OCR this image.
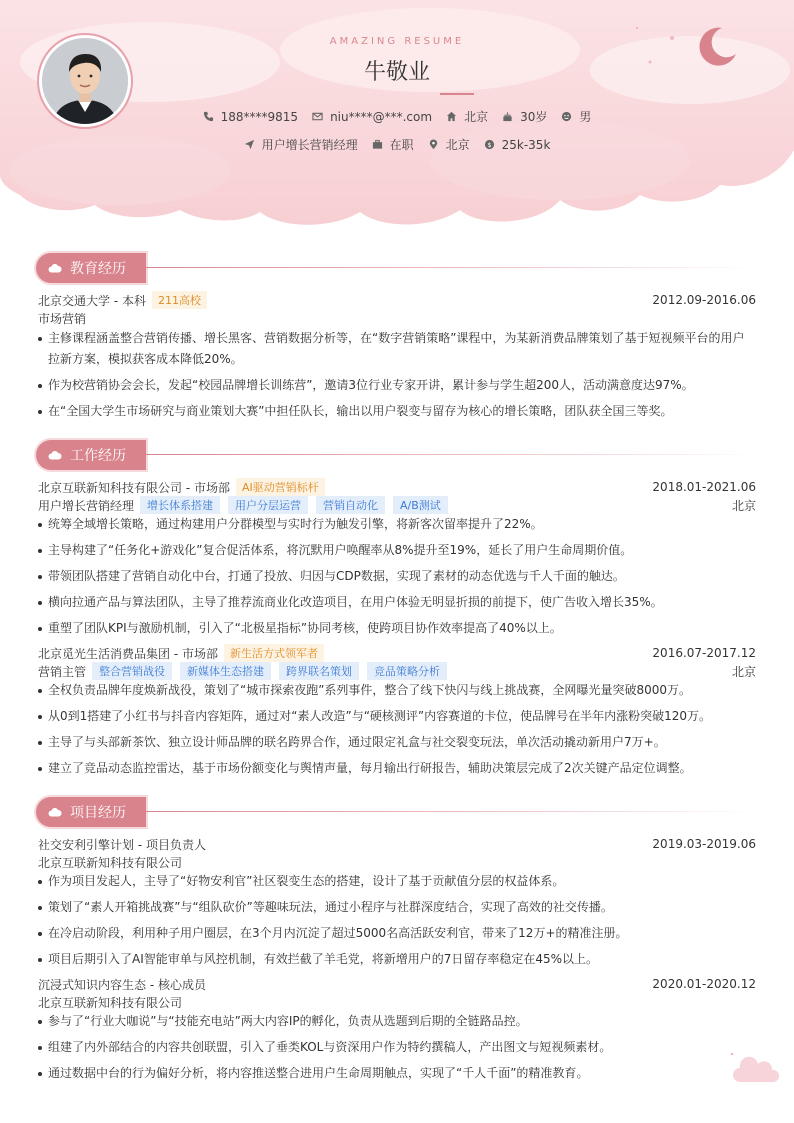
AMAZING RESUME
牛敬业
188****9815	niu****@***.com	北京	30岁	男
用户增长营销经理	在职	北京 $ 25k-35k
教育经历
北京交通大学 - 本科	211高校	2012.09-2016.06
市场营销
主修课程涵盖整合营销传播、增长黑客、营销数据分析等，在“数字营销策略”课程中，为某新消费品牌策划了基于短视频平台的用户拉新方案，模拟获客成本降低20%。
作为校营销协会会长，发起“校园品牌增长训练营”，邀请3位行业专家开讲，累计参与学生超200人，活动满意度达97%。
在“全国大学生市场研究与商业策划大赛”中担任队长，输出以用户裂变与留存为核心的增长策略，团队获全国三等奖。
工作经历
北京互联新知科技有限公司 - 市场部	AI驱动营销标杆	2018.01-2021.06
用户增长营销经理	增长体系搭建	用户分层运营	营销自动化	A/B测试	北京
统筹全域增长策略，通过构建用户分群模型与实时行为触发引擎，将新客次留率提升了22%。
主导构建了“任务化+游戏化”复合促活体系，将沉默用户唤醒率从8%提升至19%，延长了用户生命周期价值。
带领团队搭建了营销自动化中台，打通了投放、归因与CDP数据，实现了素材的动态优选与千人千面的触达。
横向拉通产品与算法团队，主导了推荐流商业化改造项目，在用户体验无明显折损的前提下，使广告收入增长35%。
重塑了团队KPI与激励机制，引入了“北极星指标”协同考核，使跨项目协作效率提高了40%以上。
北京觅光生活消费品集团 - 市场部	新生活方式领军者	2016.07-2017.12
营销主管	整合营销战役	新媒体生态搭建	跨界联名策划	竞品策略分析	北京
全权负责品牌年度焕新战役，策划了“城市探索夜跑”系列事件，整合了线下快闪与线上挑战赛，全网曝光量突破8000万。
从0到1搭建了小红书与抖音内容矩阵，通过对“素人改造”与“硬核测评”内容赛道的卡位，使品牌号在半年内涨粉突破120万。
主导了与头部新茶饮、独立设计师品牌的联名跨界合作，通过限定礼盒与社交裂变玩法，单次活动撬动新用户7万+。
建立了竞品动态监控雷达，基于市场份额变化与舆情声量，每月输出行研报告，辅助决策层完成了2次关键产品定位调整。
项目经历
社交安利引擎计划 - 项目负责人	2019.03-2019.06
北京互联新知科技有限公司
作为项目发起人，主导了“好物安利官”社区裂变生态的搭建，设计了基于贡献值分层的权益体系。
策划了“素人开箱挑战赛”与“组队砍价”等趣味玩法，通过小程序与社群深度结合，实现了高效的社交传播。
在冷启动阶段，利用种子用户圈层，在3个月内沉淀了超过5000名高活跃安利官，带来了12万+的精准注册。
项目后期引入了AI智能审单与风控机制，有效拦截了羊毛党，将新增用户的7日留存率稳定在45%以上。
沉浸式知识内容生态 - 核心成员	2020.01-2020.12
北京互联新知科技有限公司
参与了“行业大咖说”与“技能充电站”两大内容IP的孵化，负责从选题到后期的全链路品控。
组建了内外部结合的内容共创联盟，引入了垂类KOL与资深用户作为特约撰稿人，产出图文与短视频素材。
通过数据中台的行为偏好分析，将内容推送整合进用户生命周期触点，实现了“千人千面”的精准教育。
